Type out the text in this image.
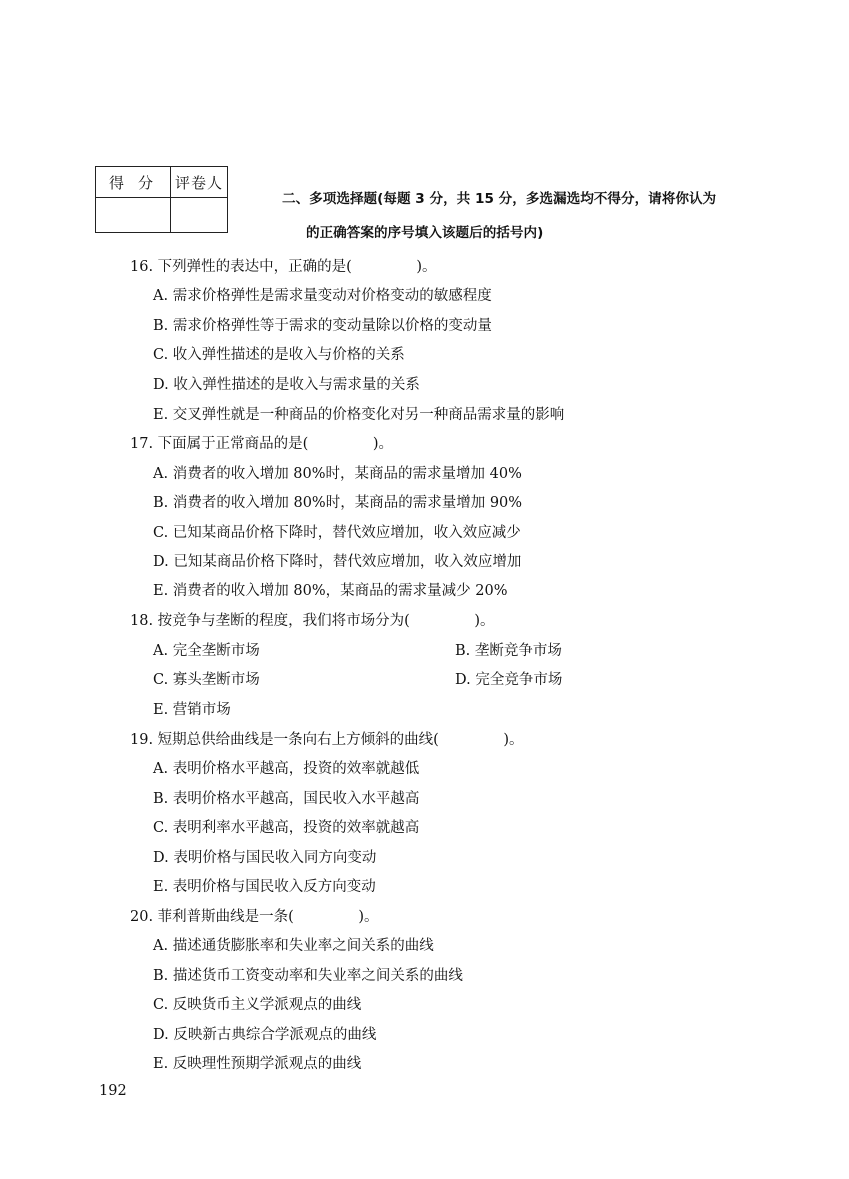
得分	评卷人

二、多项选择题(每题 3 分，共 15 分，多选漏选均不得分，请将你认为
的正确答案的序号填入该题后的括号内)
16. 下列弹性的表达中，正确的是(              )。
A. 需求价格弹性是需求量变动对价格变动的敏感程度
B. 需求价格弹性等于需求的变动量除以价格的变动量
C. 收入弹性描述的是收入与价格的关系
D. 收入弹性描述的是收入与需求量的关系
E. 交叉弹性就是一种商品的价格变化对另一种商品需求量的影响
17. 下面属于正常商品的是(              )。
A. 消费者的收入增加 80%时，某商品的需求量增加 40%
B. 消费者的收入增加 80%时，某商品的需求量增加 90%
C. 已知某商品价格下降时，替代效应增加，收入效应减少
D. 已知某商品价格下降时，替代效应增加，收入效应增加
E. 消费者的收入增加 80%，某商品的需求量减少 20%
18. 按竞争与垄断的程度，我们将市场分为(              )。
A. 完全垄断市场	B. 垄断竞争市场
C. 寡头垄断市场	D. 完全竞争市场
E. 营销市场
19. 短期总供给曲线是一条向右上方倾斜的曲线(              )。
A. 表明价格水平越高，投资的效率就越低
B. 表明价格水平越高，国民收入水平越高
C. 表明利率水平越高，投资的效率就越高
D. 表明价格与国民收入同方向变动
E. 表明价格与国民收入反方向变动
20. 菲利普斯曲线是一条(              )。
A. 描述通货膨胀率和失业率之间关系的曲线
B. 描述货币工资变动率和失业率之间关系的曲线
C. 反映货币主义学派观点的曲线
D. 反映新古典综合学派观点的曲线
E. 反映理性预期学派观点的曲线
192
